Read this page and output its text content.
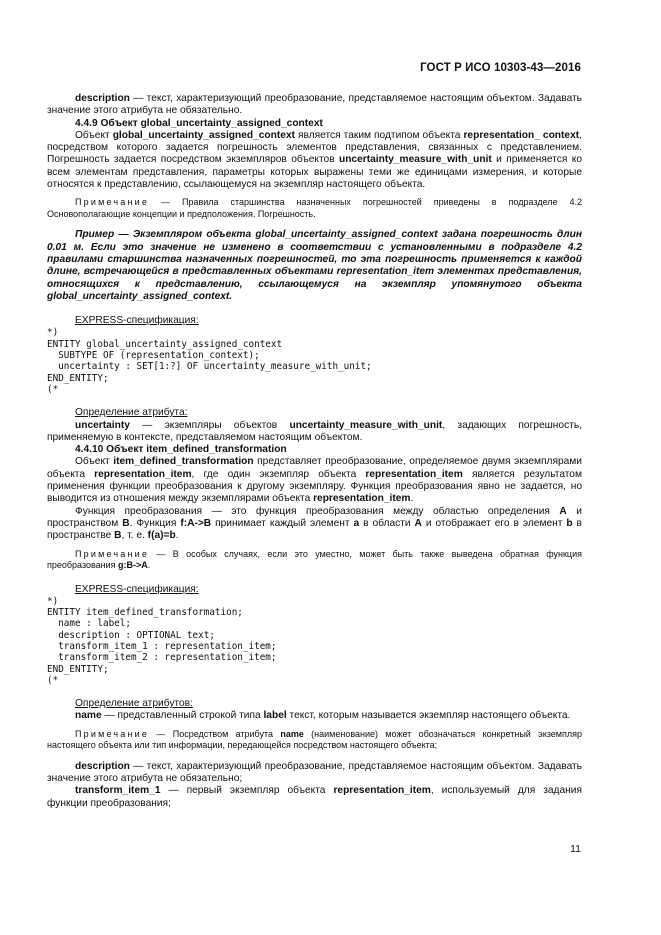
ГОСТ Р ИСО 10303-43—2016

description — текст, характеризующий преобразование, представляемое настоящим объектом. Задавать значение этого атрибута не обязательно.

4.4.9 Объект global_uncertainty_assigned_context

Объект global_uncertainty_assigned_context является таким подтипом объекта representation_ context, посредством которого задается погрешность элементов представления, связанных с представлением. Погрешность задается посредством экземпляров объектов uncertainty_measure_with_unit и применяется ко всем элементам представления, параметры которых выражены теми же единицами измерения, и которые относятся к представлению, ссылающемуся на экземпляр настоящего объекта.

Примечание — Правила старшинства назначенных погрешностей приведены в подразделе 4.2 Основополагающие концепции и предположения. Погрешность.

Пример — Экземпляром объекта global_uncertainty_assigned_context задана погрешность длин 0.01 м. Если это значение не изменено в соответствии с установленными в подразделе 4.2 правилами старшинства назначенных погрешностей, то эта погрешность применяется к каждой длине, встречающейся в представленных объектами representation_item элементах представления, относящихся к представлению, ссылающемуся на экземпляр упомянутого объекта global_uncertainty_assigned_context.

EXPRESS-спецификация:

*)
ENTITY global_uncertainty_assigned_context
SUBTYPE OF (representation_context);
uncertainty : SET[1:?] OF uncertainty_measure_with_unit;
END_ENTITY;
(*

Определение атрибута:

uncertainty — экземпляры объектов uncertainty_measure_with_unit, задающих погрешность, применяемую в контексте, представляемом настоящим объектом.

4.4.10 Объект item_defined_transformation

Объект item_defined_transformation представляет преобразование, определяемое двумя экземплярами объекта representation_item, где один экземпляр объекта representation_item является результатом применения функции преобразования к другому экземпляру. Функция преобразования явно не задается, но выводится из отношения между экземплярами объекта representation_item.

Функция преобразования — это функция преобразования между областью определения A и пространством B. Функция f:A->B принимает каждый элемент a в области A и отображает его в элемент b в пространстве B, т. е. f(a)=b.

Примечание — В особых случаях, если это уместно, может быть также выведена обратная функция преобразования g:B->A.

EXPRESS-спецификация:

*)
ENTITY item_defined_transformation;
name : label;
description : OPTIONAL text;
transform_item_1 : representation_item;
transform_item_2 : representation_item;
END_ENTITY;
(*

Определение атрибутов:

name — представленный строкой типа label текст, которым называется экземпляр настоящего объекта.

Примечание — Посредством атрибута name (наименование) может обозначаться конкретный экземпляр настоящего объекта или тип информации, передающейся посредством настоящего объекта;

description — текст, характеризующий преобразование, представляемое настоящим объектом. Задавать значение этого атрибута не обязательно;

transform_item_1 — первый экземпляр объекта representation_item, используемый для задания функции преобразования;

11
